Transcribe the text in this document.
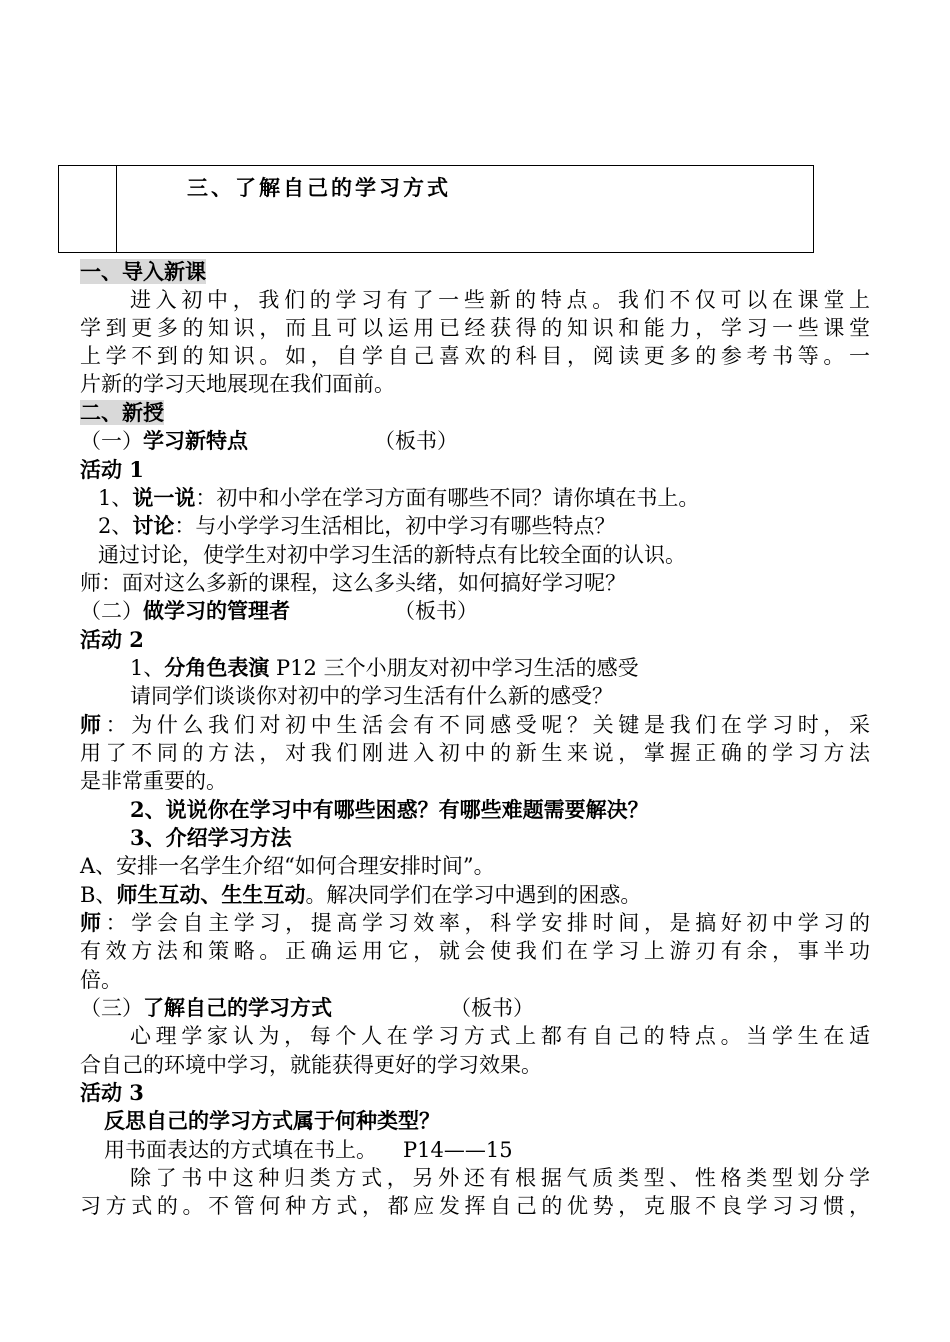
三、了解自己的学习方式
一、导入新课
进入初中，我们的学习有了一些新的特点。我们不仅可以在课堂上
学到更多的知识，而且可以运用已经获得的知识和能力，学习一些课堂
上学不到的知识。如，自学自己喜欢的科目，阅读更多的参考书等。一
片新的学习天地展现在我们面前。
二、新授
（一）学习新特点	（板书）
活动 1
1、说一说：初中和小学在学习方面有哪些不同？请你填在书上。
2、讨论：与小学学习生活相比，初中学习有哪些特点？
通过讨论，使学生对初中学习生活的新特点有比较全面的认识。
师：面对这么多新的课程，这么多头绪，如何搞好学习呢？
（二）做学习的管理者	（板书）
活动 2
1、分角色表演 P12 三个小朋友对初中学习生活的感受
请同学们谈谈你对初中的学习生活有什么新的感受？
师：为什么我们对初中生活会有不同感受呢？关键是我们在学习时，采
用了不同的方法，对我们刚进入初中的新生来说，掌握正确的学习方法
是非常重要的。
2、说说你在学习中有哪些困惑？有哪些难题需要解决？
3、介绍学习方法
A、安排一名学生介绍“如何合理安排时间”。
B、师生互动、生生互动。解决同学们在学习中遇到的困惑。
师：学会自主学习，提高学习效率，科学安排时间，是搞好初中学习的
有效方法和策略。正确运用它，就会使我们在学习上游刃有余，事半功
倍。
（三）了解自己的学习方式	（板书）
心理学家认为，每个人在学习方式上都有自己的特点。当学生在适
合自己的环境中学习，就能获得更好的学习效果。
活动 3
反思自己的学习方式属于何种类型？
用书面表达的方式填在书上。 P14——15
除了书中这种归类方式，另外还有根据气质类型、性格类型划分学
习方式的。不管何种方式，都应发挥自己的优势，克服不良学习习惯，
